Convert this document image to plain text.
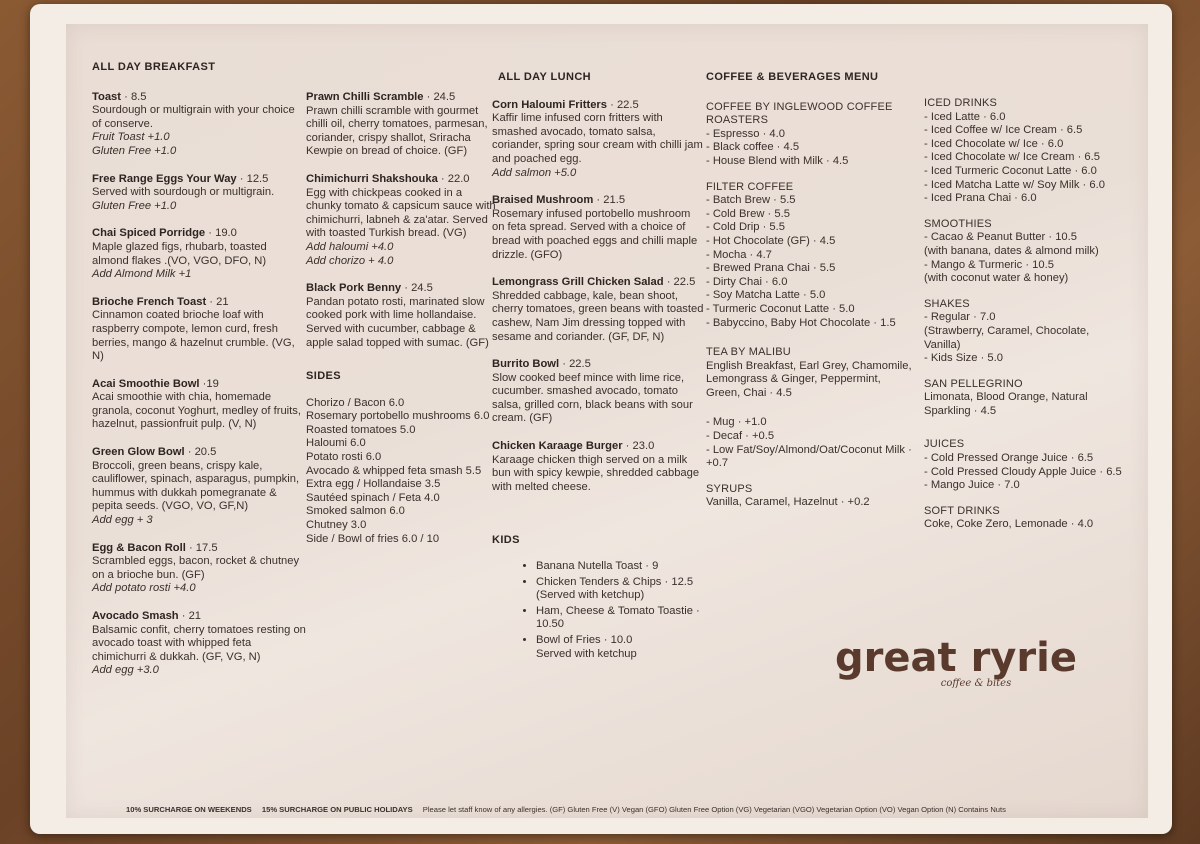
ALL DAY BREAKFAST
Toast · 8.5
Sourdough or multigrain with your choice of conserve.
Fruit Toast +1.0
Gluten Free +1.0
Free Range Eggs Your Way · 12.5
Served with sourdough or multigrain.
Gluten Free +1.0
Chai Spiced Porridge · 19.0
Maple glazed figs, rhubarb, toasted almond flakes .(VO, VGO, DFO, N)
Add Almond Milk +1
Brioche French Toast · 21
Cinnamon coated brioche loaf with raspberry compote, lemon curd, fresh berries, mango & hazelnut crumble. (VG, N)
Acai Smoothie Bowl ·19
Acai smoothie with chia, homemade granola, coconut Yoghurt, medley of fruits, hazelnut, passionfruit pulp. (V, N)
Green Glow Bowl · 20.5
Broccoli, green beans, crispy kale, cauliflower, spinach, asparagus, pumpkin, hummus with dukkah pomegranate & pepita seeds. (VGO, VO, GF,N)
Add egg + 3
Egg & Bacon Roll · 17.5
Scrambled eggs, bacon, rocket & chutney on a brioche bun. (GF)
Add potato rosti +4.0
Avocado Smash · 21
Balsamic confit, cherry tomatoes resting on avocado toast with whipped feta chimichurri & dukkah. (GF, VG, N)
Add egg +3.0
Prawn Chilli Scramble · 24.5
Prawn chilli scramble with gourmet chilli oil, cherry tomatoes, parmesan, coriander, crispy shallot, Sriracha Kewpie on bread of choice. (GF)
Chimichurri Shakshouka · 22.0
Egg with chickpeas cooked in a chunky tomato & capsicum sauce with chimichurri, labneh & za'atar. Served with toasted Turkish bread. (VG)
Add haloumi +4.0
Add chorizo + 4.0
Black Pork Benny · 24.5
Pandan potato rosti, marinated slow cooked pork with lime hollandaise. Served with cucumber, cabbage & apple salad topped with sumac. (GF)
SIDES
Chorizo / Bacon 6.0
Rosemary portobello mushrooms 6.0
Roasted tomatoes 5.0
Haloumi 6.0
Potato rosti 6.0
Avocado & whipped feta smash 5.5
Extra egg / Hollandaise 3.5
Sautéed spinach / Feta 4.0
Smoked salmon 6.0
Chutney 3.0
Side / Bowl of fries 6.0 / 10
ALL DAY LUNCH
Corn Haloumi Fritters · 22.5
Kaffir lime infused corn fritters with smashed avocado, tomato salsa, coriander, spring sour cream with chilli jam and poached egg.
Add salmon +5.0
Braised Mushroom · 21.5
Rosemary infused portobello mushroom on feta spread. Served with a choice of bread with poached eggs and chilli maple drizzle. (GFO)
Lemongrass Grill Chicken Salad · 22.5
Shredded cabbage, kale, bean shoot, cherry tomatoes, green beans with toasted cashew, Nam Jim dressing topped with sesame and coriander. (GF, DF, N)
Burrito Bowl · 22.5
Slow cooked beef mince with lime rice, cucumber. smashed avocado, tomato salsa, grilled corn, black beans with sour cream. (GF)
Chicken Karaage Burger · 23.0
Karaage chicken thigh served on a milk bun with spicy kewpie, shredded cabbage with melted cheese.
KIDS
• Banana Nutella Toast · 9
• Chicken Tenders & Chips · 12.5
(Served with ketchup)
• Ham, Cheese & Tomato Toastie · 10.50
• Bowl of Fries · 10.0
Served with ketchup
COFFEE & BEVERAGES MENU
COFFEE BY INGLEWOOD COFFEE ROASTERS
- Espresso · 4.0
- Black coffee · 4.5
- House Blend with Milk · 4.5
FILTER COFFEE
- Batch Brew · 5.5
- Cold Brew · 5.5
- Cold Drip · 5.5
- Hot Chocolate (GF) · 4.5
- Mocha · 4.7
- Brewed Prana Chai · 5.5
- Dirty Chai · 6.0
- Soy Matcha Latte · 5.0
- Turmeric Coconut Latte · 5.0
- Babyccino, Baby Hot Chocolate · 1.5
TEA BY MALIBU
English Breakfast, Earl Grey, Chamomile, Lemongrass & Ginger, Peppermint, Green, Chai · 4.5
- Mug · +1.0
- Decaf · +0.5
- Low Fat/Soy/Almond/Oat/Coconut Milk · +0.7
SYRUPS
Vanilla, Caramel, Hazelnut · +0.2
ICED DRINKS
- Iced Latte · 6.0
- Iced Coffee w/ Ice Cream · 6.5
- Iced Chocolate w/ Ice · 6.0
- Iced Chocolate w/ Ice Cream · 6.5
- Iced Turmeric Coconut Latte · 6.0
- Iced Matcha Latte w/ Soy Milk · 6.0
- Iced Prana Chai · 6.0
SMOOTHIES
- Cacao & Peanut Butter · 10.5
(with banana, dates & almond milk)
- Mango & Turmeric · 10.5
(with coconut water & honey)
SHAKES
- Regular · 7.0
(Strawberry, Caramel, Chocolate, Vanilla)
- Kids Size · 5.0
SAN PELLEGRINO
Limonata, Blood Orange, Natural Sparkling · 4.5
JUICES
- Cold Pressed Orange Juice · 6.5
- Cold Pressed Cloudy Apple Juice · 6.5
- Mango Juice · 7.0
SOFT DRINKS
Coke, Coke Zero, Lemonade · 4.0
great ryrie
coffee & bites
10% SURCHARGE ON WEEKENDS 15% SURCHARGE ON PUBLIC HOLIDAYS Please let staff know of any allergies. (GF) Gluten Free (V) Vegan (GFO) Gluten Free Option (VG) Vegetarian (VGO) Vegetarian Option (VO) Vegan Option (N) Contains Nuts
